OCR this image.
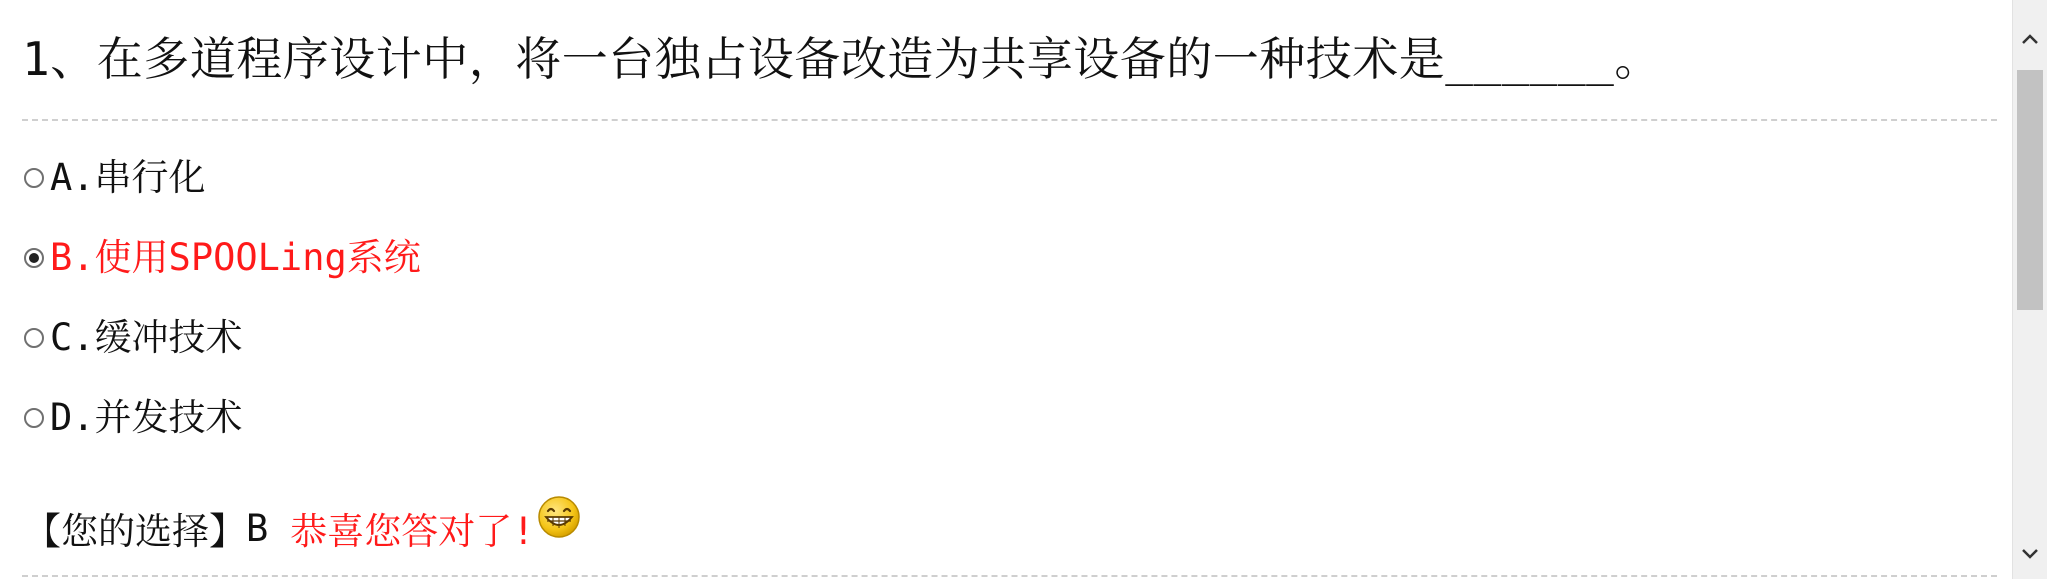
1、在多道程序设计中，将一台独占设备改造为共享设备的一种技术是______。
A.串行化
B.使用SPOOLing系统
C.缓冲技术
D.并发技术
【您的选择】 B 恭喜您答对了!
